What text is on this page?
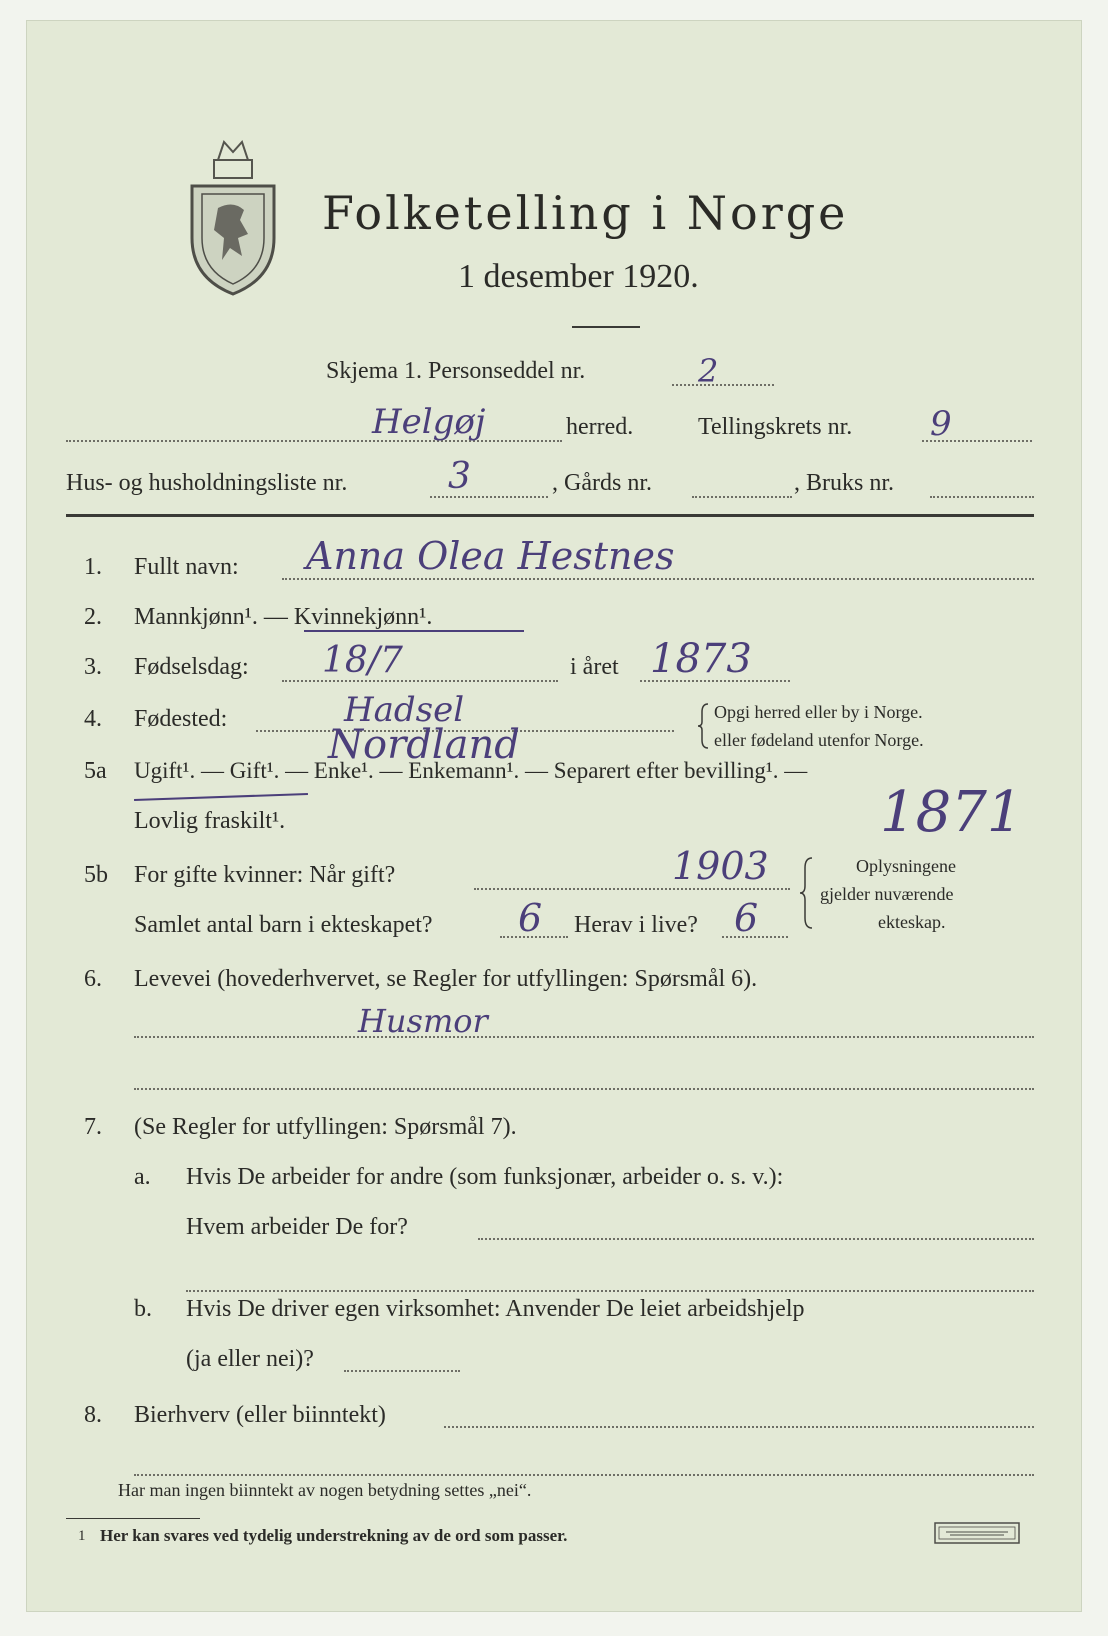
Folketelling i Norge
1 desember 1920.
Skjema 1. Personseddel nr.	2
Helgøj	herred.	Tellingskrets nr. 9
Hus- og husholdningsliste nr.	3	, Gårds nr.	, Bruks nr.
1. Fullt navn: Anna Olea Hestnes
2. Mannkjønn¹. — Kvinnekjønn¹.
3. Fødselsdag: 18/7	i året 1873
4. Fødested:	Hadsel
Nordland
Opgi herred eller by i Norge.
eller fødeland utenfor Norge.
5a Ugift¹. — Gift¹. — Enke¹. — Enkemann¹. — Separert efter bevilling¹. —
Lovlig fraskilt¹.	1871
5b For gifte kvinner: Når gift?	1903	Oplysningene
gjelder nuværende
ekteskap.
Samlet antal barn i ekteskapet? 6 Herav i live? 6
6. Levevei (hovederhvervet, se Regler for utfyllingen: Spørsmål 6).
Husmor
7. (Se Regler for utfyllingen: Spørsmål 7).
a. Hvis De arbeider for andre (som funksjonær, arbeider o. s. v.):
Hvem arbeider De for?
b. Hvis De driver egen virksomhet: Anvender De leiet arbeidshjelp
(ja eller nei)?
8. Bierhverv (eller biinntekt)
Har man ingen biinntekt av nogen betydning settes „nei“.
1 Her kan svares ved tydelig understrekning av de ord som passer.
